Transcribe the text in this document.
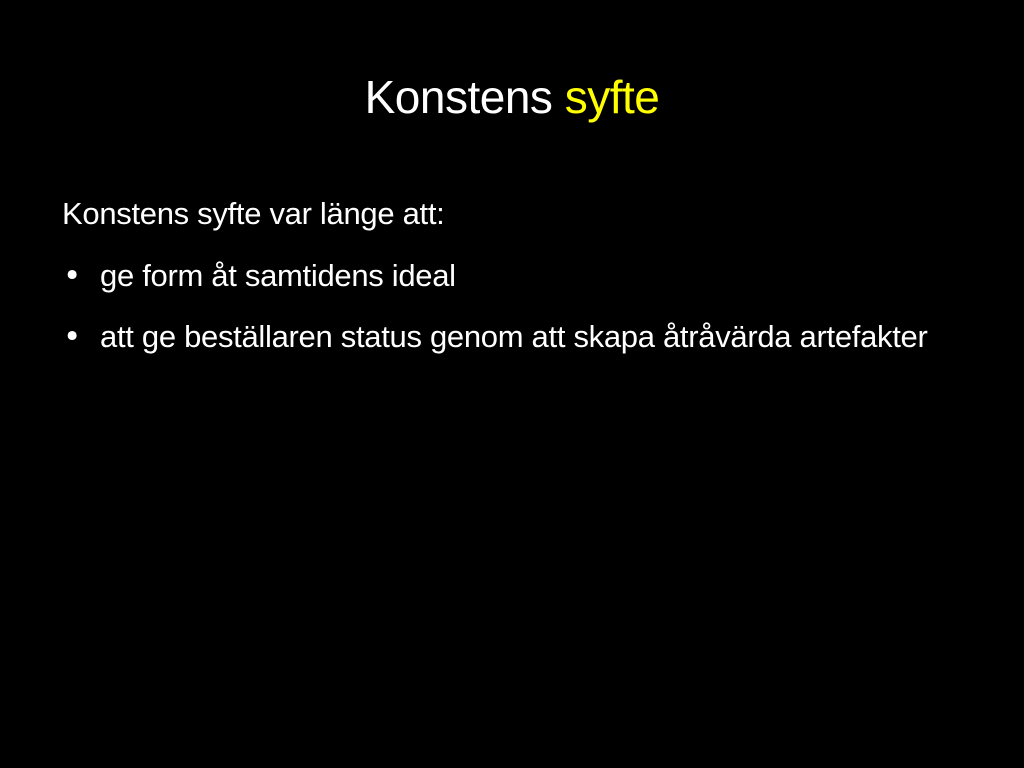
Konstens syfte

Konstens syfte var länge att:

• ge form åt samtidens ideal
• att ge beställaren status genom att skapa åtråvärda artefakter
